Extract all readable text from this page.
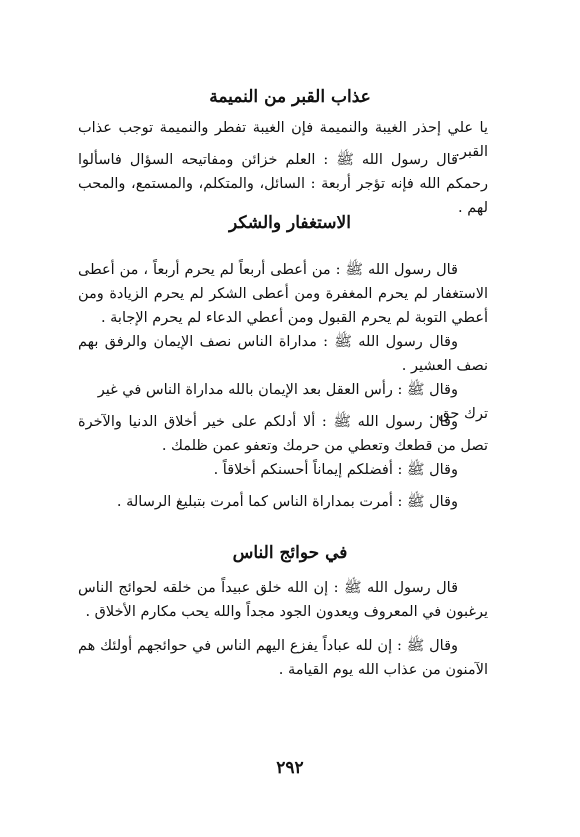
عذاب القبر من النميمة

يا علي إحذر الغيبة والنميمة فإن الغيبة تفطر والنميمة توجب عذاب القبر.

قال رسول الله ﷺ : العلم خزائن ومفاتيحه السؤال فاسألوا رحمكم الله فإنه تؤجر أربعة : السائل، والمتكلم، والمستمع، والمحب لهم .

الاستغفار والشكر

قال رسول الله ﷺ : من أعطى أربعاً لم يحرم أربعاً ، من أعطى الاستغفار لم يحرم المغفرة ومن أعطى الشكر لم يحرم الزيادة ومن أعطي التوبة لم يحرم القبول ومن أعطي الدعاء لم يحرم الإجابة .

وقال رسول الله ﷺ : مداراة الناس نصف الإيمان والرفق بهم نصف العشير .

وقال ﷺ : رأس العقل بعد الإيمان بالله مداراة الناس في غير ترك حق .

وقال رسول الله ﷺ : ألا أدلكم على خير أخلاق الدنيا والآخرة تصل من قطعك وتعطي من حرمك وتعفو عمن ظلمك .

وقال ﷺ : أفضلكم إيماناً أحسنكم أخلاقاً .

وقال ﷺ : أمرت بمداراة الناس كما أمرت بتبليغ الرسالة .

في حوائج الناس

قال رسول الله ﷺ : إن الله خلق عبيداً من خلقه لحوائج الناس يرغبون في المعروف ويعدون الجود مجداً والله يحب مكارم الأخلاق .

وقال ﷺ : إن لله عباداً يفزع اليهم الناس في حوائجهم أولئك هم الآمنون من عذاب الله يوم القيامة .

٢٩٢
